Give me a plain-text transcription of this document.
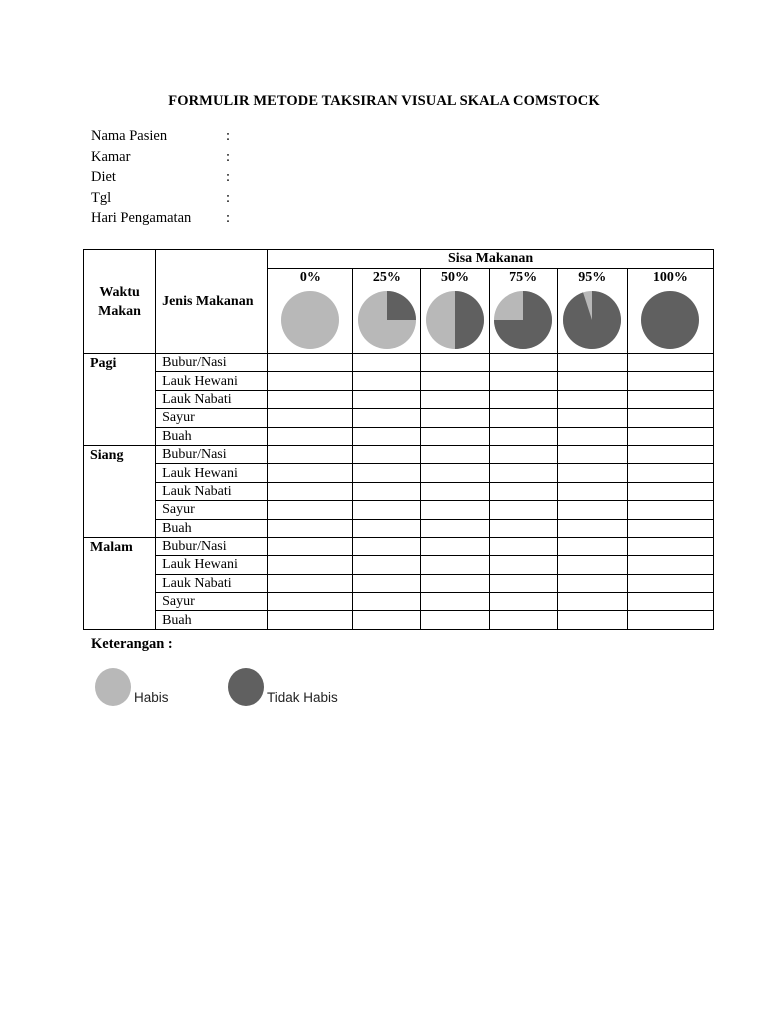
FORMULIR METODE TAKSIRAN VISUAL SKALA COMSTOCK
Nama Pasien	:
Kamar	:
Diet	:
Tgl	:
Hari Pengamatan :
Waktu
Makan	Jenis Makanan	Sisa Makanan					
		0%	25%	50%	75%	95%	100%

Pagi	Bubur/Nasi						
	Lauk Hewani						
	Lauk Nabati						
	Sayur						
	Buah						
Siang	Bubur/Nasi						
	Lauk Hewani						
	Lauk Nabati						
	Sayur						
	Buah						
Malam	Bubur/Nasi						
	Lauk Hewani						
	Lauk Nabati						
	Sayur						
	Buah						
Keterangan :
Habis	Tidak Habis
